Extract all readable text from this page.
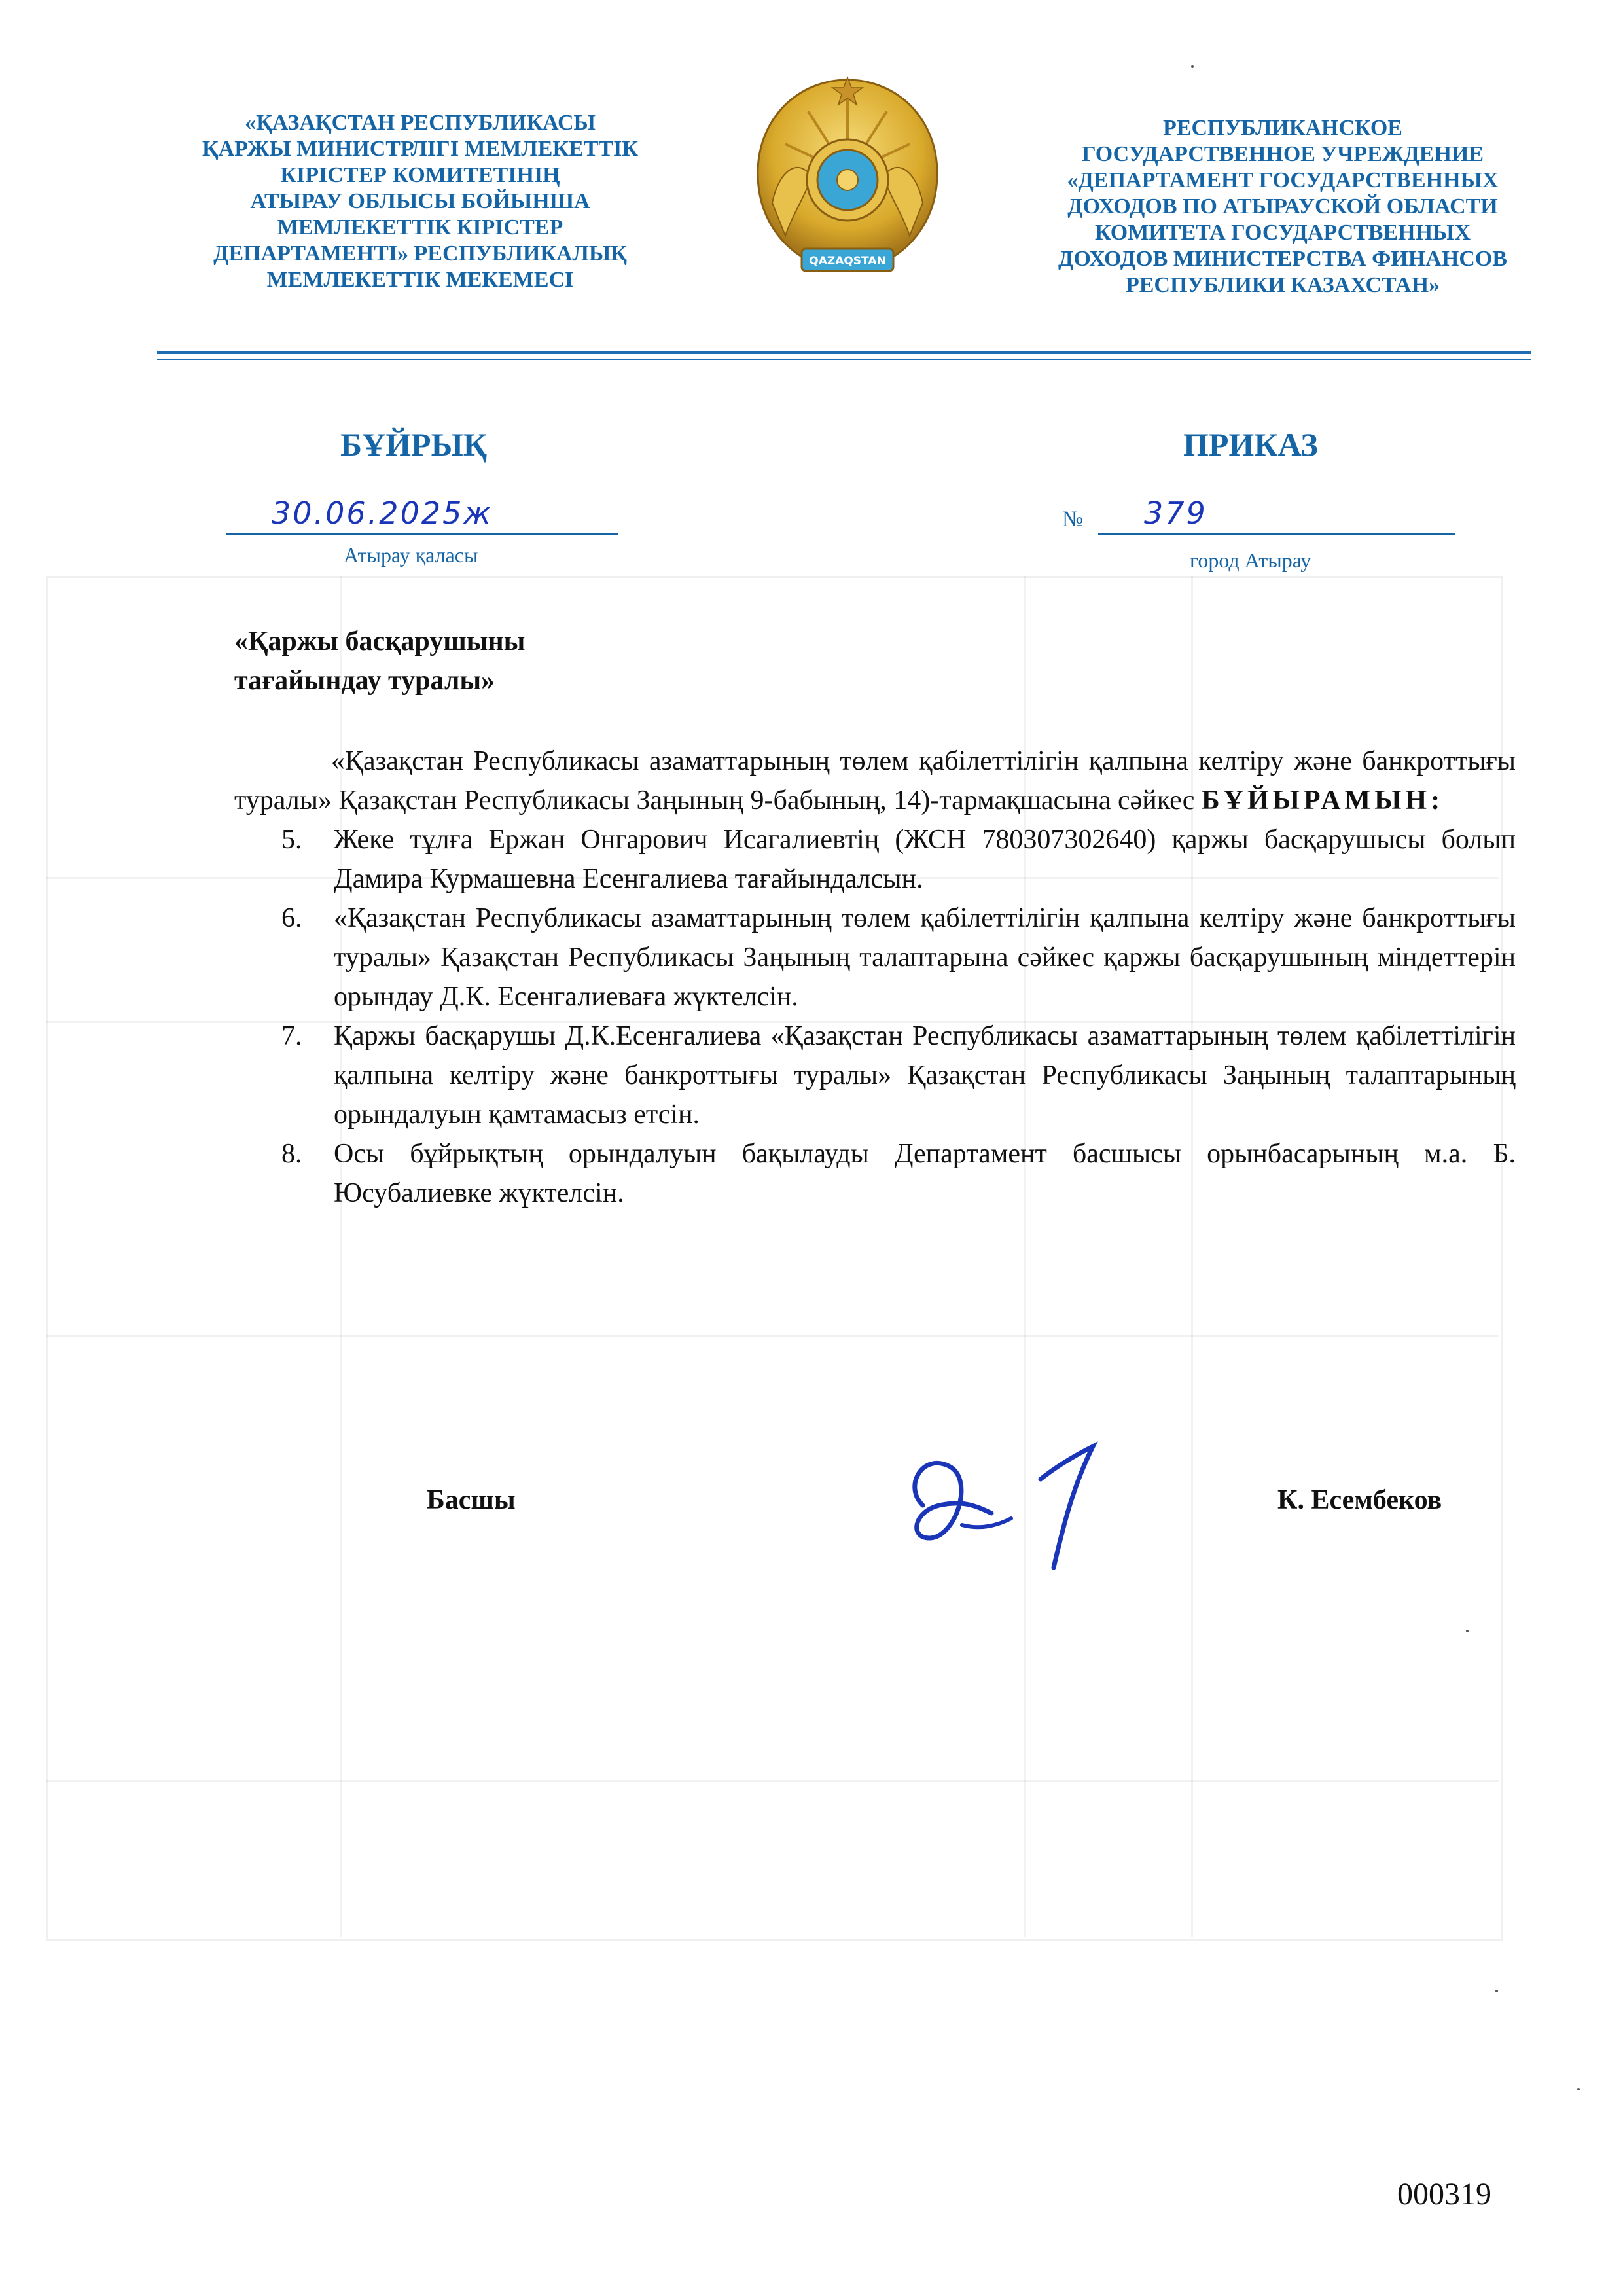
«ҚАЗАҚСТАН РЕСПУБЛИКАСЫ
ҚАРЖЫ МИНИСТРЛІГІ МЕМЛЕКЕТТІК
КІРІСТЕР КОМИТЕТІНІҢ
АТЫРАУ ОБЛЫСЫ БОЙЫНША
МЕМЛЕКЕТТІК КІРІСТЕР
ДЕПАРТАМЕНТІ» РЕСПУБЛИКАЛЫҚ
МЕМЛЕКЕТТІК МЕКЕМЕСІ
QAZAQSTAN
РЕСПУБЛИКАНСКОЕ
ГОСУДАРСТВЕННОЕ УЧРЕЖДЕНИЕ
«ДЕПАРТАМЕНТ ГОСУДАРСТВЕННЫХ
ДОХОДОВ ПО АТЫРАУСКОЙ ОБЛАСТИ
КОМИТЕТА ГОСУДАРСТВЕННЫХ
ДОХОДОВ МИНИСТЕРСТВА ФИНАНСОВ
РЕСПУБЛИКИ КАЗАХСТАН»
БҰЙРЫҚ	ПРИКАЗ
30.06.2025ж
Атырау қаласы
№ 379
город Атырау
«Қаржы басқарушыны
тағайындау туралы»

«Қазақстан Республикасы азаматтарының төлем қабілеттілігін қалпына келтіру және банкроттығы туралы» Қазақстан Республикасы Заңының 9-бабының, 14)-тармақшасына сәйкес БҰЙЫРАМЫН:

5. Жеке тұлға Ержан Онгарович Исагалиевтің (ЖСН 780307302640) қаржы басқарушысы болып Дамира Курмашевна Есенгалиева тағайындалсын.
6. «Қазақстан Республикасы азаматтарының төлем қабілеттілігін қалпына келтіру және банкроттығы туралы» Қазақстан Республикасы Заңының талаптарына сәйкес қаржы басқарушының міндеттерін орындау Д.К. Есенгалиеваға жүктелсін.
7. Қаржы басқарушы Д.К.Есенгалиева «Қазақстан Республикасы азаматтарының төлем қабілеттілігін қалпына келтіру және банкроттығы туралы» Қазақстан Республикасы Заңының талаптарының орындалуын қамтамасыз етсін.
8. Осы бұйрықтың орындалуын бақылауды Департамент басшысы орынбасарының м.а. Б. Юсубалиевке жүктелсін.
Басшы	К. Есембеков
000319
